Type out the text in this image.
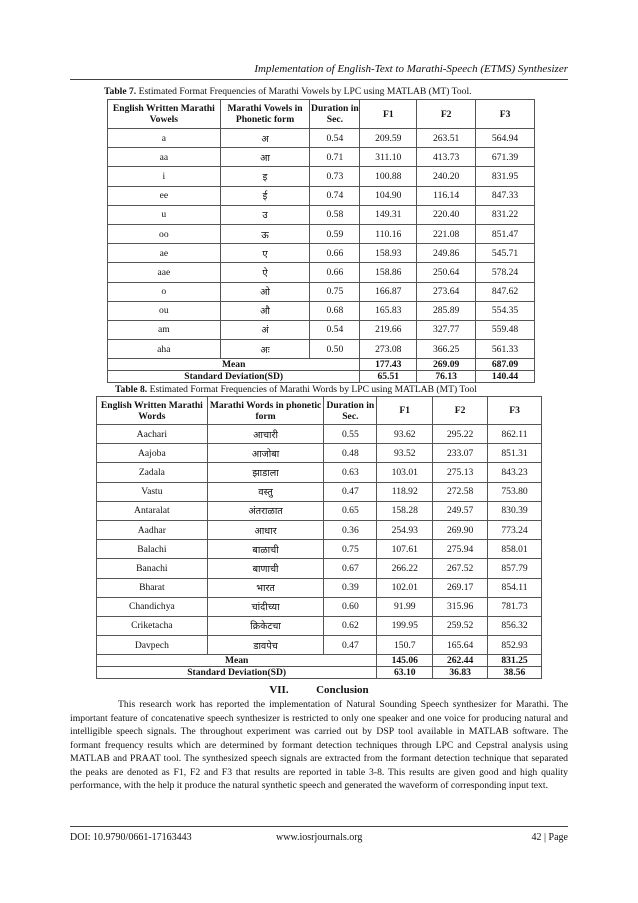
Implementation of English-Text to Marathi-Speech (ETMS) Synthesizer
Table 7. Estimated Format Frequencies of Marathi Vowels by LPC using MATLAB (MT) Tool.
English Written Marathi Vowels	Marathi Vowels in Phonetic form	Duration in Sec.	F1	F2	F3
a	अ	0.54	209.59	263.51	564.94
aa	आ	0.71	311.10	413.73	671.39
i	इ	0.73	100.88	240.20	831.95
ee	ई	0.74	104.90	116.14	847.33
u	उ	0.58	149.31	220.40	831.22
oo	ऊ	0.59	110.16	221.08	851.47
ae	ए	0.66	158.93	249.86	545.71
aae	ऐ	0.66	158.86	250.64	578.24
o	ओ	0.75	166.87	273.64	847.62
ou	औ	0.68	165.83	285.89	554.35
am	अं	0.54	219.66	327.77	559.48
aha	अः	0.50	273.08	366.25	561.33
Mean			177.43	269.09	687.09
Standard Deviation(SD)			65.51	76.13	140.44
Table 8. Estimated Format Frequencies of Marathi Words by LPC using MATLAB (MT) Tool
English Written Marathi Words	Marathi Words in phonetic form	Duration in Sec.	F1	F2	F3
Aachari	आचारी	0.55	93.62	295.22	862.11
Aajoba	आजोबा	0.48	93.52	233.07	851.31
Zadala	झाडाला	0.63	103.01	275.13	843.23
Vastu	वस्तु	0.47	118.92	272.58	753.80
Antaralat	अंतराळात	0.65	158.28	249.57	830.39
Aadhar	आधार	0.36	254.93	269.90	773.24
Balachi	बाळाची	0.75	107.61	275.94	858.01
Banachi	बाणाची	0.67	266.22	267.52	857.79
Bharat	भारत	0.39	102.01	269.17	854.11
Chandichya	चांदीच्या	0.60	91.99	315.96	781.73
Criketacha	क्रिकेटचा	0.62	199.95	259.52	856.32
Davpech	डावपेच	0.47	150.7	165.64	852.93
Mean			145.06	262.44	831.25
Standard Deviation(SD)			63.10	36.83	38.56
VII.	Conclusion

This research work has reported the implementation of Natural Sounding Speech synthesizer for Marathi. The important feature of concatenative speech synthesizer is restricted to only one speaker and one voice for producing natural and intelligible speech signals. The throughout experiment was carried out by DSP tool available in MATLAB software. The formant frequency results which are determined by formant detection techniques through LPC and Cepstral analysis using MATLAB and PRAAT tool. The synthesized speech signals are extracted from the formant detection technique that separated the peaks are denoted as F1, F2 and F3 that results are reported in table 3-8. This results are given good and high quality performance, with the help it produce the natural synthetic speech and generated the waveform of corresponding input text.

DOI: 10.9790/0661-17163443	www.iosrjournals.org	42 | Page
